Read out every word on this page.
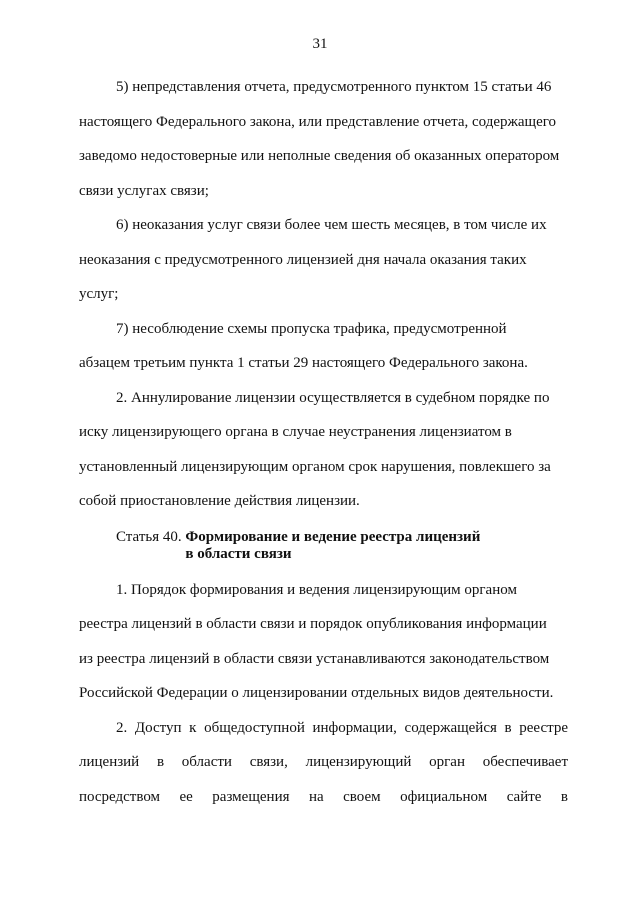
31

5) непредставления отчета, предусмотренного пунктом 15 статьи 46
настоящего Федерального закона, или представление отчета, содержащего
заведомо недостоверные или неполные сведения об оказанных оператором
связи услугах связи;

6) неоказания услуг связи более чем шесть месяцев, в том числе их
неоказания с предусмотренного лицензией дня начала оказания таких
услуг;

7) несоблюдение схемы пропуска трафика, предусмотренной
абзацем третьим пункта 1 статьи 29 настоящего Федерального закона.

2. Аннулирование лицензии осуществляется в судебном порядке по
иску лицензирующего органа в случае неустранения лицензиатом в
установленный лицензирующим органом срок нарушения, повлекшего за
собой приостановление действия лицензии.

Статья 40. Формирование и ведение реестра лицензий
в области связи

1. Порядок формирования и ведения лицензирующим органом
реестра лицензий в области связи и порядок опубликования информации
из реестра лицензий в области связи устанавливаются законодательством
Российской Федерации о лицензировании отдельных видов деятельности.

2. Доступ к общедоступной информации, содержащейся в реестре
лицензий в области связи, лицензирующий орган обеспечивает
посредством ее размещения на своем официальном сайте в
